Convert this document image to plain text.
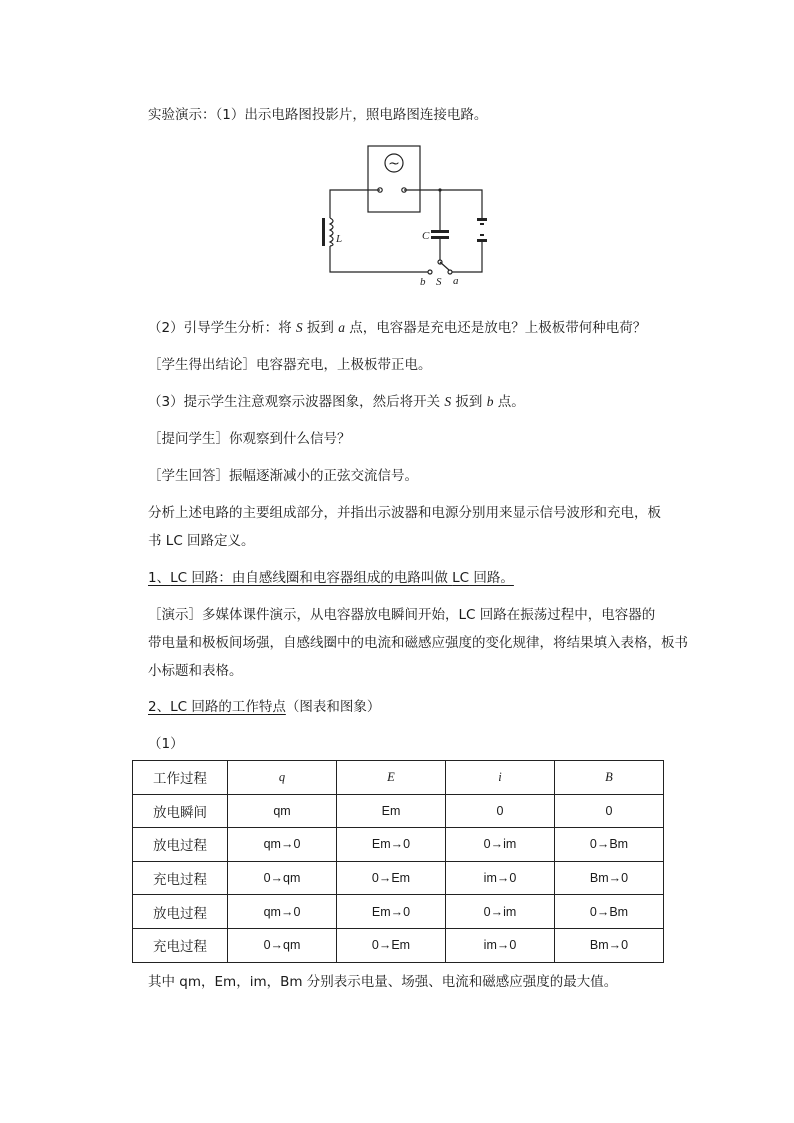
实验演示：（1）出示电路图投影片，照电路图连接电路。
~
L	C
S a
b
（2）引导学生分析：将 S 扳到 a 点，电容器是充电还是放电？上极板带何种电荷？
［学生得出结论］电容器充电，上极板带正电。
（3）提示学生注意观察示波器图象，然后将开关 S 扳到 b 点。
［提问学生］你观察到什么信号？
［学生回答］振幅逐渐减小的正弦交流信号。
分析上述电路的主要组成部分，并指出示波器和电源分别用来显示信号波形和充电，板
书 LC 回路定义。
1、LC 回路：由自感线圈和电容器组成的电路叫做 LC 回路。
［演示］多媒体课件演示，从电容器放电瞬间开始，LC 回路在振荡过程中，电容器的
带电量和极板间场强，自感线圈中的电流和磁感应强度的变化规律，将结果填入表格，板书
小标题和表格。
2、LC 回路的工作特点（图表和图象）
（1）
工作过程	q	E	i	B
放电瞬间	qm	Em	0	0
放电过程	qm→0	Em→0	0→im	0→Bm
充电过程	0→qm	0→Em	im→0	Bm→0
放电过程	qm→0	Em→0	0→im	0→Bm
充电过程	0→qm	0→Em	im→0	Bm→0
其中 qm，Em，im，Bm 分别表示电量、场强、电流和磁感应强度的最大值。
